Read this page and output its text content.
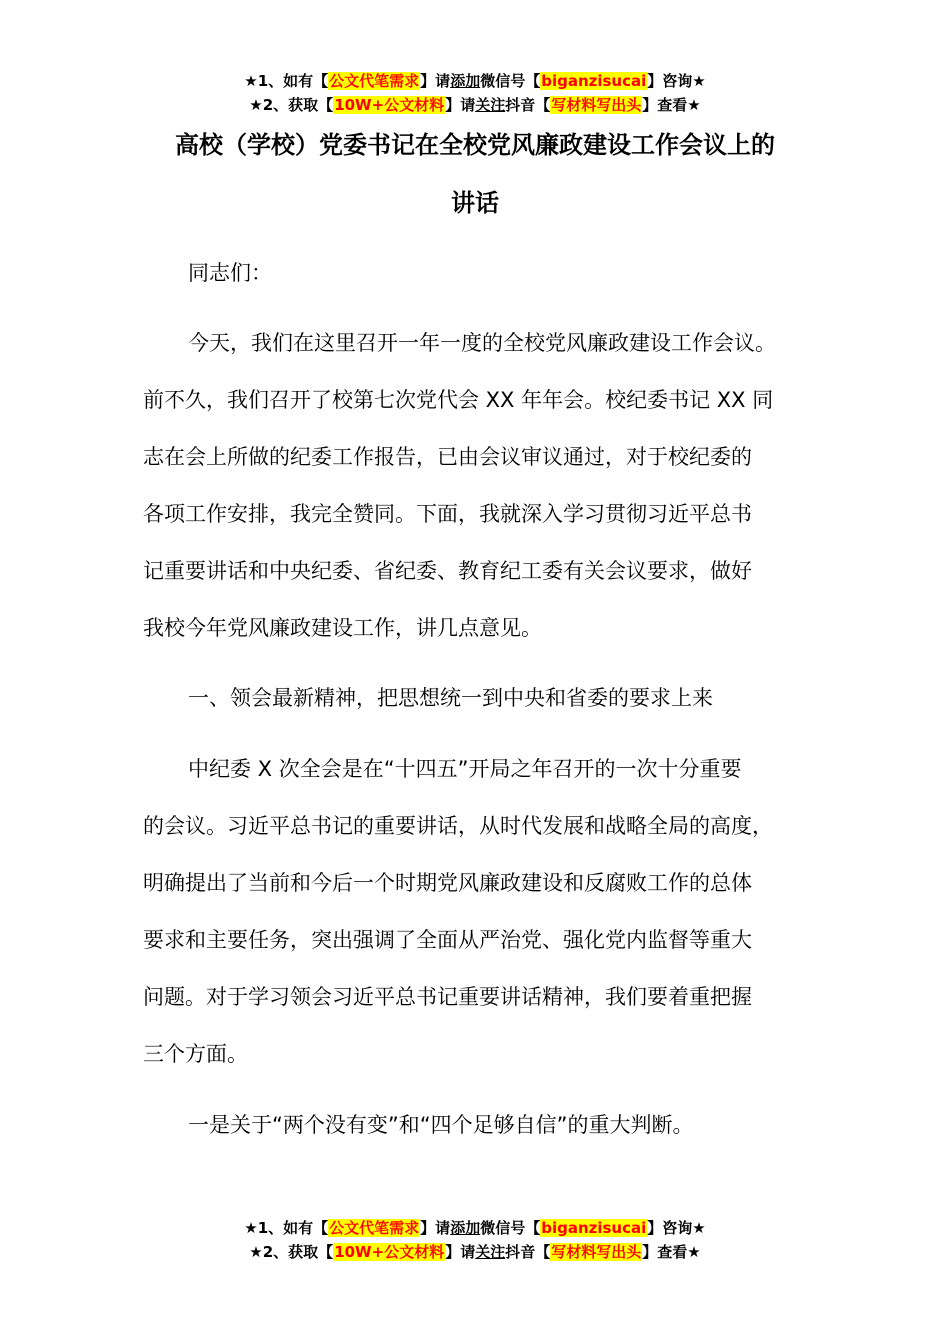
★1、如有【公文代笔需求】请添加微信号【biganzisucai】咨询★
★2、获取【10W+公文材料】请关注抖音【写材料写出头】查看★
高校（学校）党委书记在全校党风廉政建设工作会议上的
讲话
同志们：
今天，我们在这里召开一年一度的全校党风廉政建设工作会议。
前不久，我们召开了校第七次党代会 XX 年年会。校纪委书记 XX 同
志在会上所做的纪委工作报告，已由会议审议通过，对于校纪委的
各项工作安排，我完全赞同。下面，我就深入学习贯彻习近平总书
记重要讲话和中央纪委、省纪委、教育纪工委有关会议要求，做好
我校今年党风廉政建设工作，讲几点意见。
一、领会最新精神，把思想统一到中央和省委的要求上来
中纪委 X 次全会是在“十四五”开局之年召开的一次十分重要
的会议。习近平总书记的重要讲话，从时代发展和战略全局的高度，
明确提出了当前和今后一个时期党风廉政建设和反腐败工作的总体
要求和主要任务，突出强调了全面从严治党、强化党内监督等重大
问题。对于学习领会习近平总书记重要讲话精神，我们要着重把握
三个方面。
一是关于“两个没有变”和“四个足够自信”的重大判断。
★1、如有【公文代笔需求】请添加微信号【biganzisucai】咨询★
★2、获取【10W+公文材料】请关注抖音【写材料写出头】查看★
